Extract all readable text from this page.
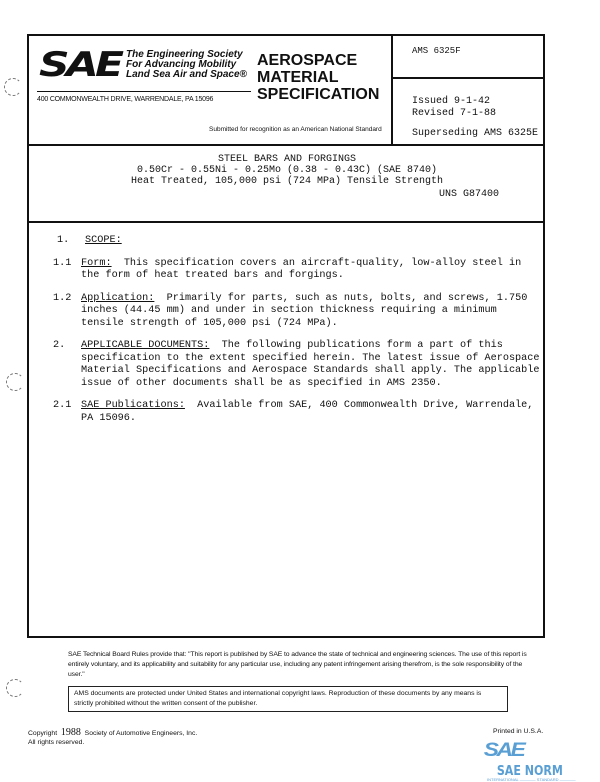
SAE The Engineering Society
For Advancing Mobility
Land Sea Air and Space®
400 COMMONWEALTH DRIVE, WARRENDALE, PA 15096
AEROSPACE
MATERIAL
SPECIFICATION
Submitted for recognition as an American National Standard
AMS 6325F
Issued 9-1-42
Revised 7-1-88
Superseding AMS 6325E
STEEL BARS AND FORGINGS
0.50Cr - 0.55Ni - 0.25Mo (0.38 - 0.43C) (SAE 8740)
Heat Treated, 105,000 psi (724 MPa) Tensile Strength
UNS G87400
1.	SCOPE:
1.1 Form: This specification covers an aircraft-quality, low-alloy steel in the form of heat treated bars and forgings.
1.2 Application: Primarily for parts, such as nuts, bolts, and screws, 1.750 inches (44.45 mm) and under in section thickness requiring a minimum tensile strength of 105,000 psi (724 MPa).
2.	APPLICABLE DOCUMENTS: The following publications form a part of this specification to the extent specified herein. The latest issue of Aerospace Material Specifications and Aerospace Standards shall apply. The applicable issue of other documents shall be as specified in AMS 2350.
2.1 SAE Publications: Available from SAE, 400 Commonwealth Drive, Warrendale, PA 15096.
SAE Technical Board Rules provide that: "This report is published by SAE to advance the state of technical and engineering sciences. The use of this report is entirely voluntary, and its applicability and suitability for any particular use, including any patent infringement arising therefrom, is the sole responsibility of the user."
AMS documents are protected under United States and international copyright laws. Reproduction of these documents by any means is strictly prohibited without the written consent of the publisher.
Copyright 1988 Society of Automotive Engineers, Inc.
All rights reserved.
Printed in U.S.A.
SAE SAE NORM
INTERNATIONAL ———— STANDARD ————
